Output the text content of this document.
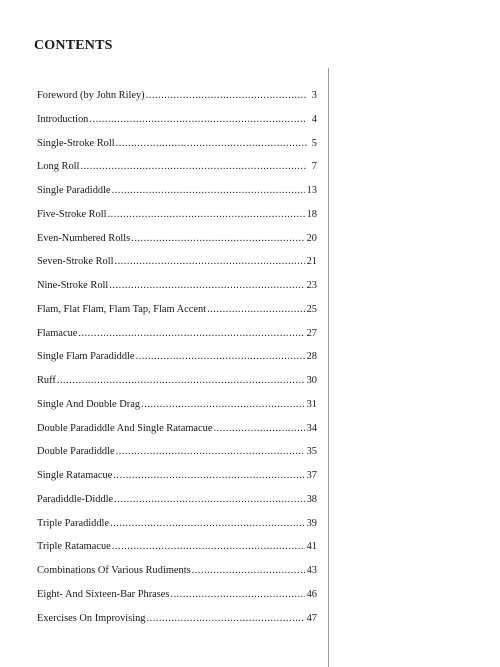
CONTENTS
Foreword (by John Riley) .....	3
Introduction .....	4
Single-Stroke Roll .....	5
Long Roll .....	7
Single Paradiddle .....	13
Five-Stroke Roll .....	18
Even-Numbered Rolls .....	20
Seven-Stroke Roll .....	21
Nine-Stroke Roll .....	23
Flam, Flat Flam, Flam Tap, Flam Accent .....	25
Flamacue .....	27
Single Flam Paradiddle .....	28
Ruff .....	30
Single And Double Drag .....	31
Double Paradiddle And Single Ratamacue .....	34
Double Paradiddle .....	35
Single Ratamacue .....	37
Paradiddle-Diddle .....	38
Triple Paradiddle .....	39
Triple Ratamacue .....	41
Combinations Of Various Rudiments .....	43
Eight- And Sixteen-Bar Phrases .....	46
Exercises On Improvising .....	47
